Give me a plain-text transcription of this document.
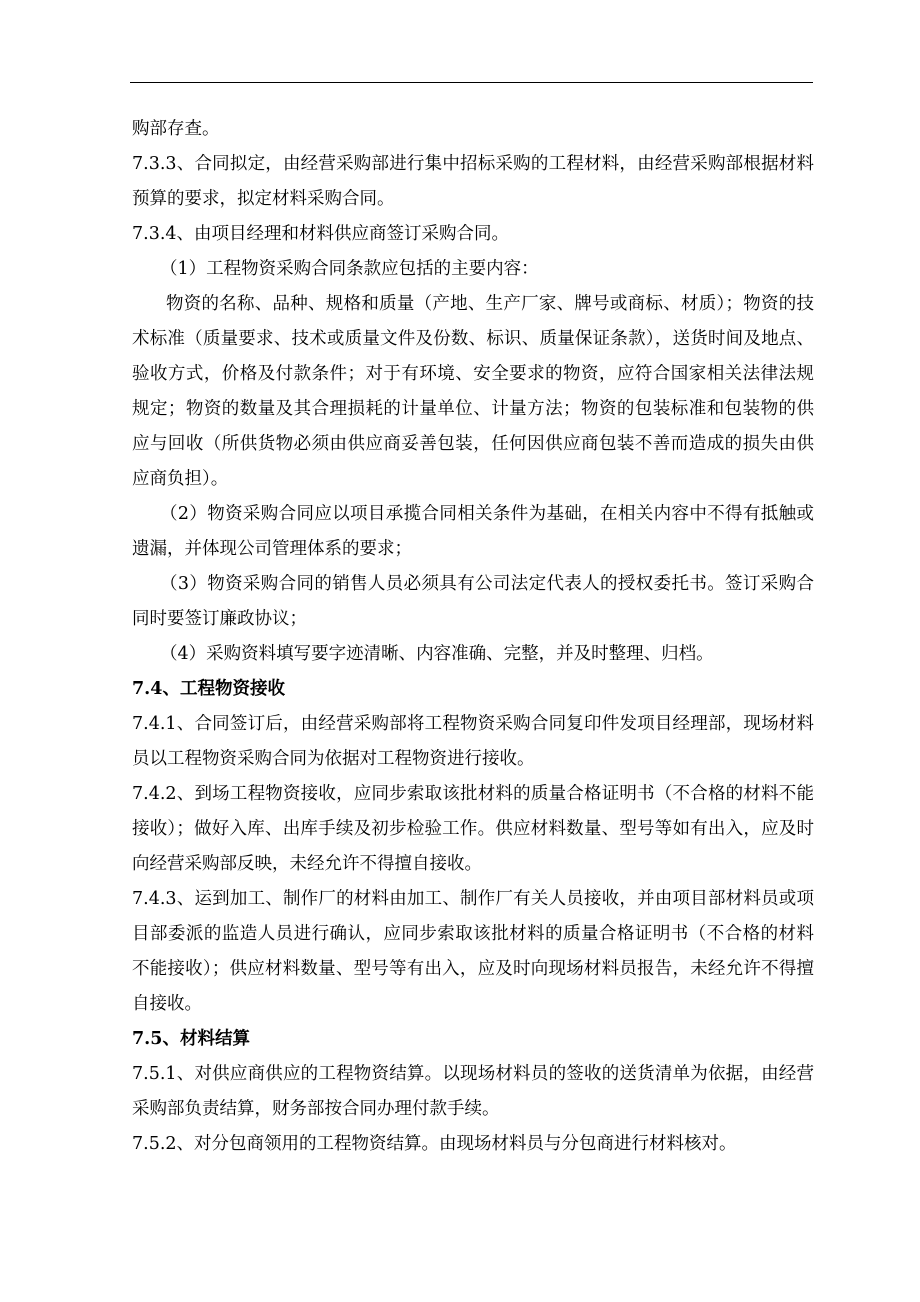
购部存查。

7.3.3、合同拟定，由经营采购部进行集中招标采购的工程材料，由经营采购部根据材料预算的要求，拟定材料采购合同。

7.3.4、由项目经理和材料供应商签订采购合同。

（1）工程物资采购合同条款应包括的主要内容：

物资的名称、品种、规格和质量（产地、生产厂家、牌号或商标、材质）；物资的技术标准（质量要求、技术或质量文件及份数、标识、质量保证条款），送货时间及地点、验收方式，价格及付款条件；对于有环境、安全要求的物资，应符合国家相关法律法规规定；物资的数量及其合理损耗的计量单位、计量方法；物资的包装标准和包装物的供应与回收（所供货物必须由供应商妥善包装，任何因供应商包装不善而造成的损失由供应商负担）。

（2）物资采购合同应以项目承揽合同相关条件为基础，在相关内容中不得有抵触或遗漏，并体现公司管理体系的要求；

（3）物资采购合同的销售人员必须具有公司法定代表人的授权委托书。签订采购合同时要签订廉政协议；

（4）采购资料填写要字迹清晰、内容准确、完整，并及时整理、归档。

7.4、工程物资接收

7.4.1、合同签订后，由经营采购部将工程物资采购合同复印件发项目经理部，现场材料员以工程物资采购合同为依据对工程物资进行接收。

7.4.2、到场工程物资接收，应同步索取该批材料的质量合格证明书（不合格的材料不能接收）；做好入库、出库手续及初步检验工作。供应材料数量、型号等如有出入，应及时向经营采购部反映，未经允许不得擅自接收。

7.4.3、运到加工、制作厂的材料由加工、制作厂有关人员接收，并由项目部材料员或项目部委派的监造人员进行确认，应同步索取该批材料的质量合格证明书（不合格的材料不能接收）；供应材料数量、型号等有出入，应及时向现场材料员报告，未经允许不得擅自接收。

7.5、材料结算

7.5.1、对供应商供应的工程物资结算。以现场材料员的签收的送货清单为依据，由经营采购部负责结算，财务部按合同办理付款手续。

7.5.2、对分包商领用的工程物资结算。由现场材料员与分包商进行材料核对。
